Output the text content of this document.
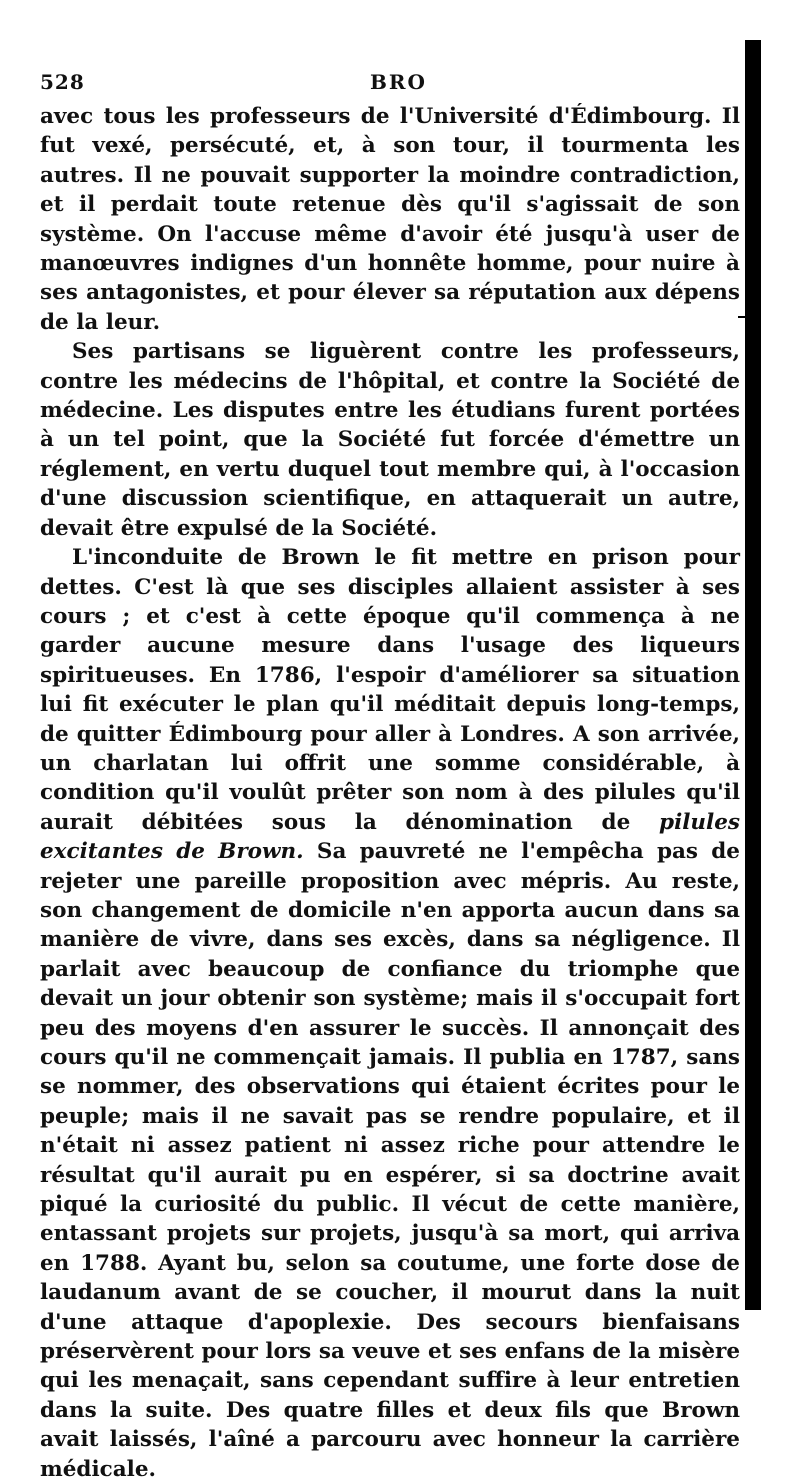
528	BRO

avec tous les professeurs de l'Université d'Édimbourg. Il fut vexé, persécuté, et, à son tour, il tourmenta les autres. Il ne pouvait supporter la moindre contradiction, et il perdait toute retenue dès qu'il s'agissait de son système. On l'accuse même d'avoir été jusqu'à user de manœuvres indignes d'un honnête homme, pour nuire à ses antagonistes, et pour élever sa réputation aux dépens de la leur.

Ses partisans se liguèrent contre les professeurs, contre les médecins de l'hôpital, et contre la Société de médecine. Les disputes entre les étudians furent portées à un tel point, que la Société fut forcée d'émettre un réglement, en vertu duquel tout membre qui, à l'occasion d'une discussion scientifique, en attaquerait un autre, devait être expulsé de la Société.

L'inconduite de Brown le fit mettre en prison pour dettes. C'est là que ses disciples allaient assister à ses cours ; et c'est à cette époque qu'il commença à ne garder aucune mesure dans l'usage des liqueurs spiritueuses. En 1786, l'espoir d'améliorer sa situation lui fit exécuter le plan qu'il méditait depuis long-temps, de quitter Édimbourg pour aller à Londres. A son arrivée, un charlatan lui offrit une somme considérable, à condition qu'il voulût prêter son nom à des pilules qu'il aurait débitées sous la dénomination de pilules excitantes de Brown. Sa pauvreté ne l'empêcha pas de rejeter une pareille proposition avec mépris. Au reste, son changement de domicile n'en apporta aucun dans sa manière de vivre, dans ses excès, dans sa négligence. Il parlait avec beaucoup de confiance du triomphe que devait un jour obtenir son système; mais il s'occupait fort peu des moyens d'en assurer le succès. Il annonçait des cours qu'il ne commençait jamais. Il publia en 1787, sans se nommer, des observations qui étaient écrites pour le peuple; mais il ne savait pas se rendre populaire, et il n'était ni assez patient ni assez riche pour attendre le résultat qu'il aurait pu en espérer, si sa doctrine avait piqué la curiosité du public. Il vécut de cette manière, entassant projets sur projets, jusqu'à sa mort, qui arriva en 1788. Ayant bu, selon sa coutume, une forte dose de laudanum avant de se coucher, il mourut dans la nuit d'une attaque d'apoplexie. Des secours bienfaisans préservèrent pour lors sa veuve et ses enfans de la misère qui les menaçait, sans cependant suffire à leur entretien dans la suite. Des quatre filles et deux fils que Brown avait laissés, l'aîné a parcouru avec honneur la carrière médicale.
